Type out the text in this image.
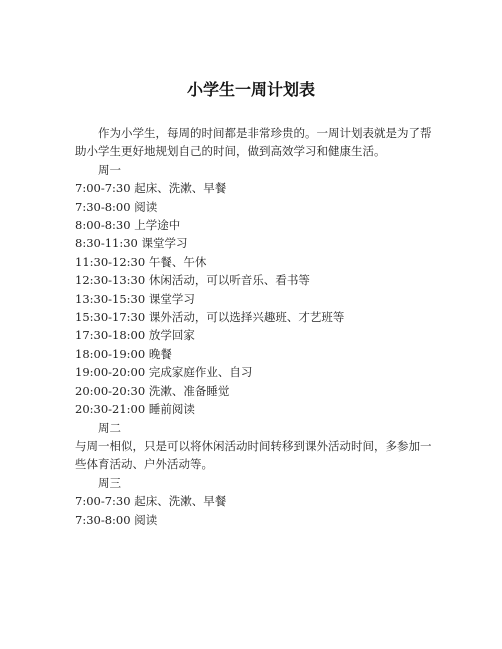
小学生一周计划表

作为小学生，每周的时间都是非常珍贵的。一周计划表就是为了帮助小学生更好地规划自己的时间，做到高效学习和健康生活。

周一

7:00-7:30 起床、洗漱、早餐

7:30-8:00 阅读

8:00-8:30 上学途中

8:30-11:30 课堂学习

11:30-12:30 午餐、午休

12:30-13:30 休闲活动，可以听音乐、看书等

13:30-15:30 课堂学习

15:30-17:30 课外活动，可以选择兴趣班、才艺班等

17:30-18:00 放学回家

18:00-19:00 晚餐

19:00-20:00 完成家庭作业、自习

20:00-20:30 洗漱、准备睡觉

20:30-21:00 睡前阅读

周二

与周一相似，只是可以将休闲活动时间转移到课外活动时间，多参加一些体育活动、户外活动等。

周三

7:00-7:30 起床、洗漱、早餐

7:30-8:00 阅读
